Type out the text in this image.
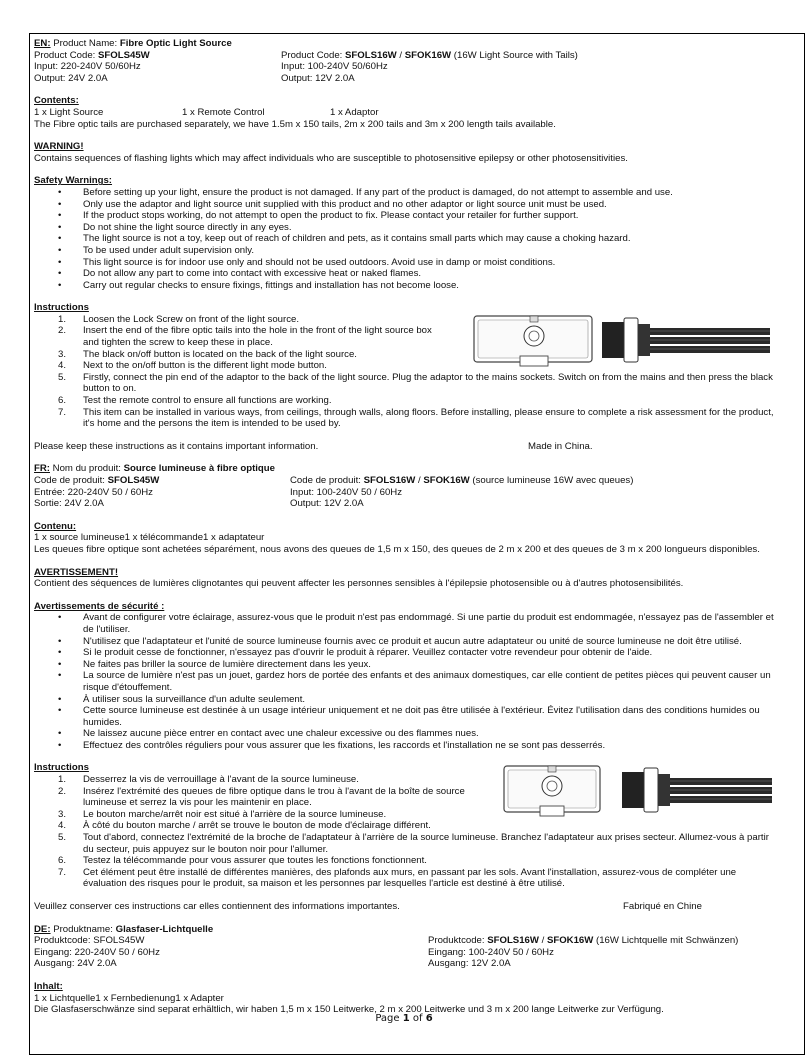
EN: Product Name: Fibre Optic Light Source
Product Code: SFOLS45W	Product Code: SFOLS16W / SFOK16W (16W Light Source with Tails)
Input: 220-240V 50/60Hz	Input: 100-240V 50/60Hz
Output: 24V 2.0A	Output: 12V 2.0A
Contents:
1 x Light Source	1 x Remote Control	1 x Adaptor
The Fibre optic tails are purchased separately, we have 1.5m x 150 tails, 2m x 200 tails and 3m x 200 length tails available.
WARNING!
Contains sequences of flashing lights which may affect individuals who are susceptible to photosensitive epilepsy or other photosensitivities.
Safety Warnings:
• Before setting up your light, ensure the product is not damaged. If any part of the product is damaged, do not attempt to assemble and use.
• Only use the adaptor and light source unit supplied with this product and no other adaptor or light source unit must be used.
• If the product stops working, do not attempt to open the product to fix. Please contact your retailer for further support.
• Do not shine the light source directly in any eyes.
• The light source is not a toy, keep out of reach of children and pets, as it contains small parts which may cause a choking hazard.
• To be used under adult supervision only.
• This light source is for indoor use only and should not be used outdoors. Avoid use in damp or moist conditions.
• Do not allow any part to come into contact with excessive heat or naked flames.
• Carry out regular checks to ensure fixings, fittings and installation has not become loose.
Instructions
1. Loosen the Lock Screw on front of the light source.
2. Insert the end of the fibre optic tails into the hole in the front of the light source box and tighten the screw to keep these in place.
3. The black on/off button is located on the back of the light source.
4. Next to the on/off button is the different light mode button.
5. Firstly, connect the pin end of the adaptor to the back of the light source. Plug the adaptor to the mains sockets. Switch on from the mains and then press the black button to on.
6. Test the remote control to ensure all functions are working.
7. This item can be installed in various ways, from ceilings, through walls, along floors. Before installing, please ensure to complete a risk assessment for the product, it's home and the persons the item is intended to be used by.
Please keep these instructions as it contains important information.	Made in China.
FR: Nom du produit: Source lumineuse à fibre optique
Code de produit: SFOLS45W	Code de produit: SFOLS16W / SFOK16W (source lumineuse 16W avec queues)
Entrée: 220-240V 50 / 60Hz	Input: 100-240V 50 / 60Hz
Sortie: 24V 2.0A	Output: 12V 2.0A
Contenu:
1 x source lumineuse1 x télécommande1 x adaptateur
Les queues fibre optique sont achetées séparément, nous avons des queues de 1,5 m x 150, des queues de 2 m x 200 et des queues de 3 m x 200 longueurs disponibles.
AVERTISSEMENT!
Contient des séquences de lumières clignotantes qui peuvent affecter les personnes sensibles à l'épilepsie photosensible ou à d'autres photosensibilités.
Avertissements de sécurité :
• Avant de configurer votre éclairage, assurez-vous que le produit n'est pas endommagé. Si une partie du produit est endommagée, n'essayez pas de l'assembler et de l'utiliser.
• N'utilisez que l'adaptateur et l'unité de source lumineuse fournis avec ce produit et aucun autre adaptateur ou unité de source lumineuse ne doit être utilisé.
• Si le produit cesse de fonctionner, n'essayez pas d'ouvrir le produit à réparer. Veuillez contacter votre revendeur pour obtenir de l'aide.
• Ne faites pas briller la source de lumière directement dans les yeux.
• La source de lumière n'est pas un jouet, gardez hors de portée des enfants et des animaux domestiques, car elle contient de petites pièces qui peuvent causer un risque d'étouffement.
• À utiliser sous la surveillance d'un adulte seulement.
• Cette source lumineuse est destinée à un usage intérieur uniquement et ne doit pas être utilisée à l'extérieur. Évitez l'utilisation dans des conditions humides ou humides.
• Ne laissez aucune pièce entrer en contact avec une chaleur excessive ou des flammes nues.
• Effectuez des contrôles réguliers pour vous assurer que les fixations, les raccords et l'installation ne se sont pas desserrés.
Instructions
1. Desserrez la vis de verrouillage à l'avant de la source lumineuse.
2. Insérez l'extrémité des queues de fibre optique dans le trou à l'avant de la boîte de source lumineuse et serrez la vis pour les maintenir en place.
3. Le bouton marche/arrêt noir est situé à l'arrière de la source lumineuse.
4. À côté du bouton marche / arrêt se trouve le bouton de mode d'éclairage différent.
5. Tout d'abord, connectez l'extrémité de la broche de l'adaptateur à l'arrière de la source lumineuse. Branchez l'adaptateur aux prises secteur. Allumez-vous à partir du secteur, puis appuyez sur le bouton noir pour l'allumer.
6. Testez la télécommande pour vous assurer que toutes les fonctions fonctionnent.
7. Cet élément peut être installé de différentes manières, des plafonds aux murs, en passant par les sols. Avant l'installation, assurez-vous de compléter une évaluation des risques pour le produit, sa maison et les personnes par lesquelles l'article est destiné à être utilisé.
Veuillez conserver ces instructions car elles contiennent des informations importantes.	Fabriqué en Chine
DE: Produktname: Glasfaser-Lichtquelle
Produktcode: SFOLS45W	Produktcode: SFOLS16W / SFOK16W (16W Lichtquelle mit Schwänzen)
Eingang: 220-240V 50 / 60Hz	Eingang: 100-240V 50 / 60Hz
Ausgang: 24V 2.0A	Ausgang: 12V 2.0A
Inhalt:
1 x Lichtquelle1 x Fernbedienung1 x Adapter
Die Glasfaserschwänze sind separat erhältlich, wir haben 1,5 m x 150 Leitwerke, 2 m x 200 Leitwerke und 3 m x 200 lange Leitwerke zur Verfügung.
Page 1 of 6
